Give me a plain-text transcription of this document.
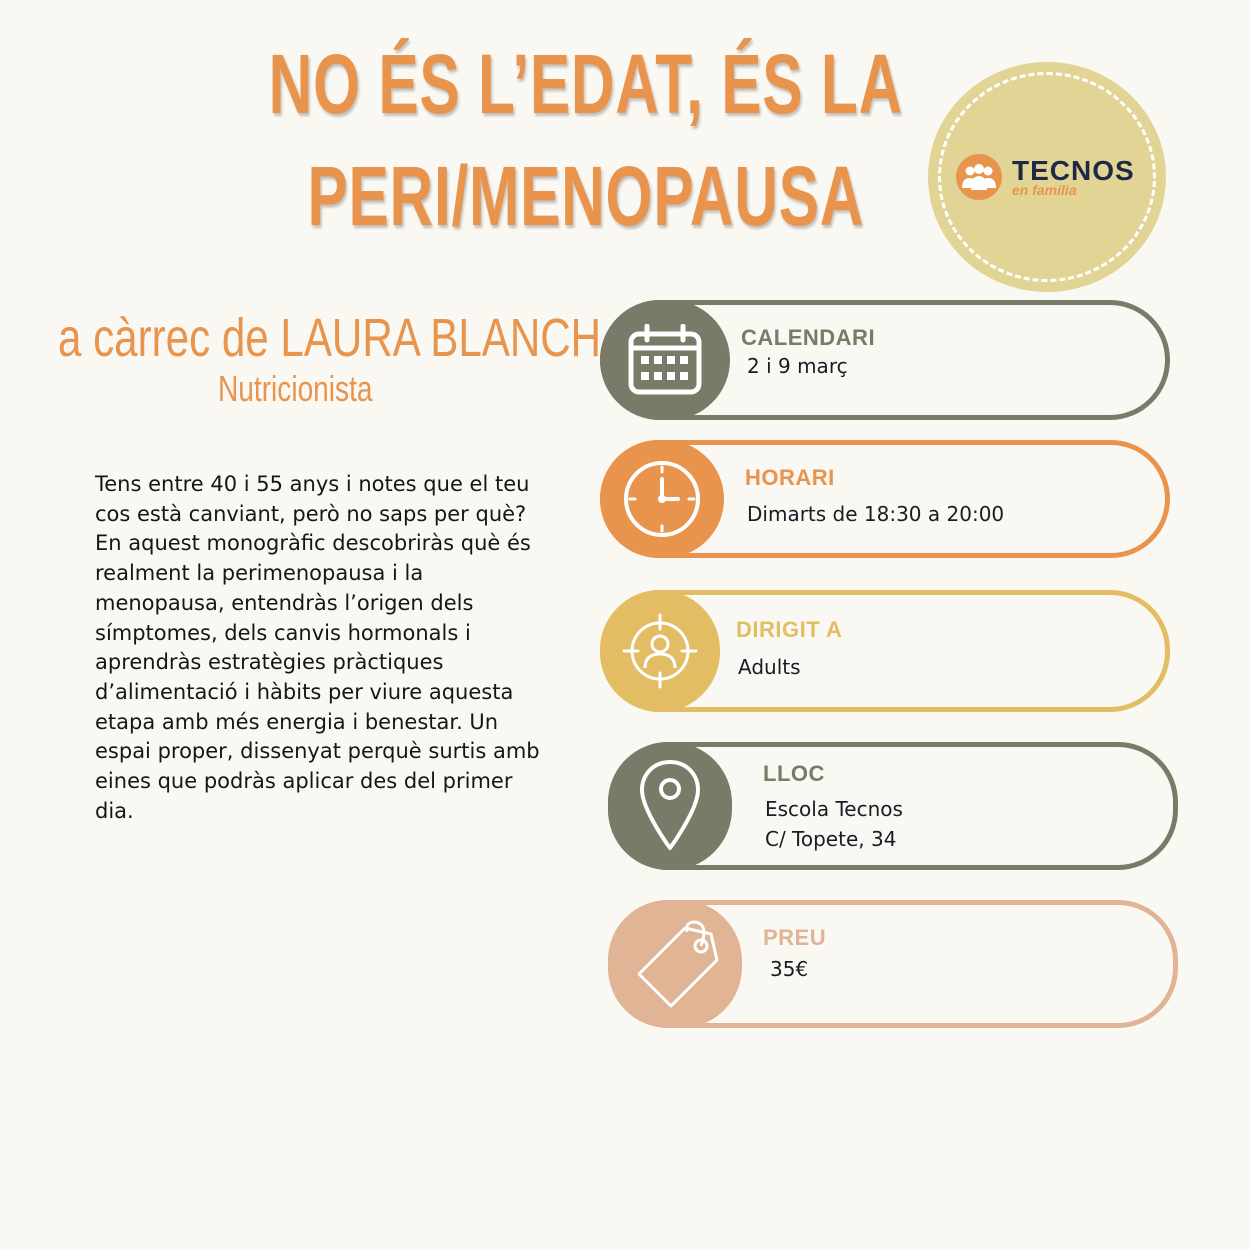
NO ÉS L’EDAT, ÉS LA
PERI/MENOPAUSA	TECNOS
en família
a càrrec de LAURA BLANCH
Nutricionista
Tens entre 40 i 55 anys i notes que el teu cos està canviant, però no saps per què? En aquest monogràfic descobriràs què és realment la perimenopausa i la menopausa, entendràs l’origen dels símptomes, dels canvis hormonals i aprendràs estratègies pràctiques d’alimentació i hàbits per viure aquesta etapa amb més energia i benestar. Un espai proper, dissenyat perquè surtis amb eines que podràs aplicar des del primer dia.
CALENDARI
2 i 9 març
HORARI
Dimarts de 18:30 a 20:00
DIRIGIT A
Adults
LLOC
Escola Tecnos
C/ Topete, 34
PREU
35€
